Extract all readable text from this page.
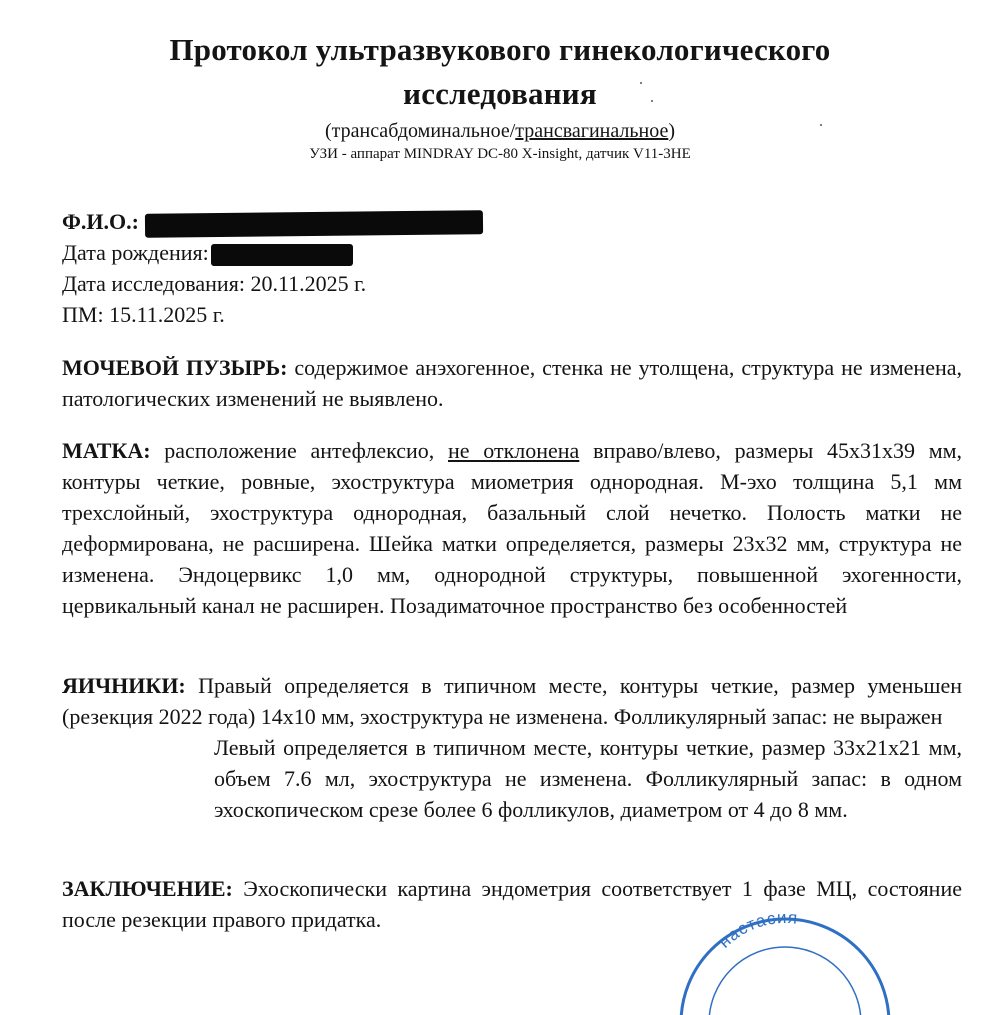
Протокол ультразвукового гинекологического
исследования
(трансабдоминальное/трансвагинальное)
УЗИ - аппарат MINDRAY DC-80 X-insight, датчик V11-3HE
Ф.И.О.:
Дата рождения:
Дата исследования: 20.11.2025 г.
ПМ: 15.11.2025 г.
МОЧЕВОЙ ПУЗЫРЬ: содержимое анэхогенное, стенка не утолщена, структура не изменена, патологических изменений не выявлено.
МАТКА: расположение антефлексио, не отклонена вправо/влево, размеры 45х31х39 мм, контуры четкие, ровные, эхоструктура миометрия однородная. М-эхо толщина 5,1 мм трехслойный, эхоструктура однородная, базальный слой нечетко. Полость матки не деформирована, не расширена. Шейка матки определяется, размеры 23х32 мм, структура не изменена. Эндоцервикс 1,0 мм, однородной структуры, повышенной эхогенности, цервикальный канал не расширен. Позадиматочное пространство без особенностей
ЯИЧНИКИ: Правый определяется в типичном месте, контуры четкие, размер уменьшен (резекция 2022 года) 14х10 мм, эхоструктура не изменена. Фолликулярный запас: не выражен
Левый определяется в типичном месте, контуры четкие, размер 33х21х21 мм, объем 7.6 мл, эхоструктура не изменена. Фолликулярный запас: в одном эхоскопическом срезе более 6 фолликулов, диаметром от 4 до 8 мм.
ЗАКЛЮЧЕНИЕ: Эхоскопически картина эндометрия соответствует 1 фазе МЦ, состояние после резекции правого придатка.
настасия
